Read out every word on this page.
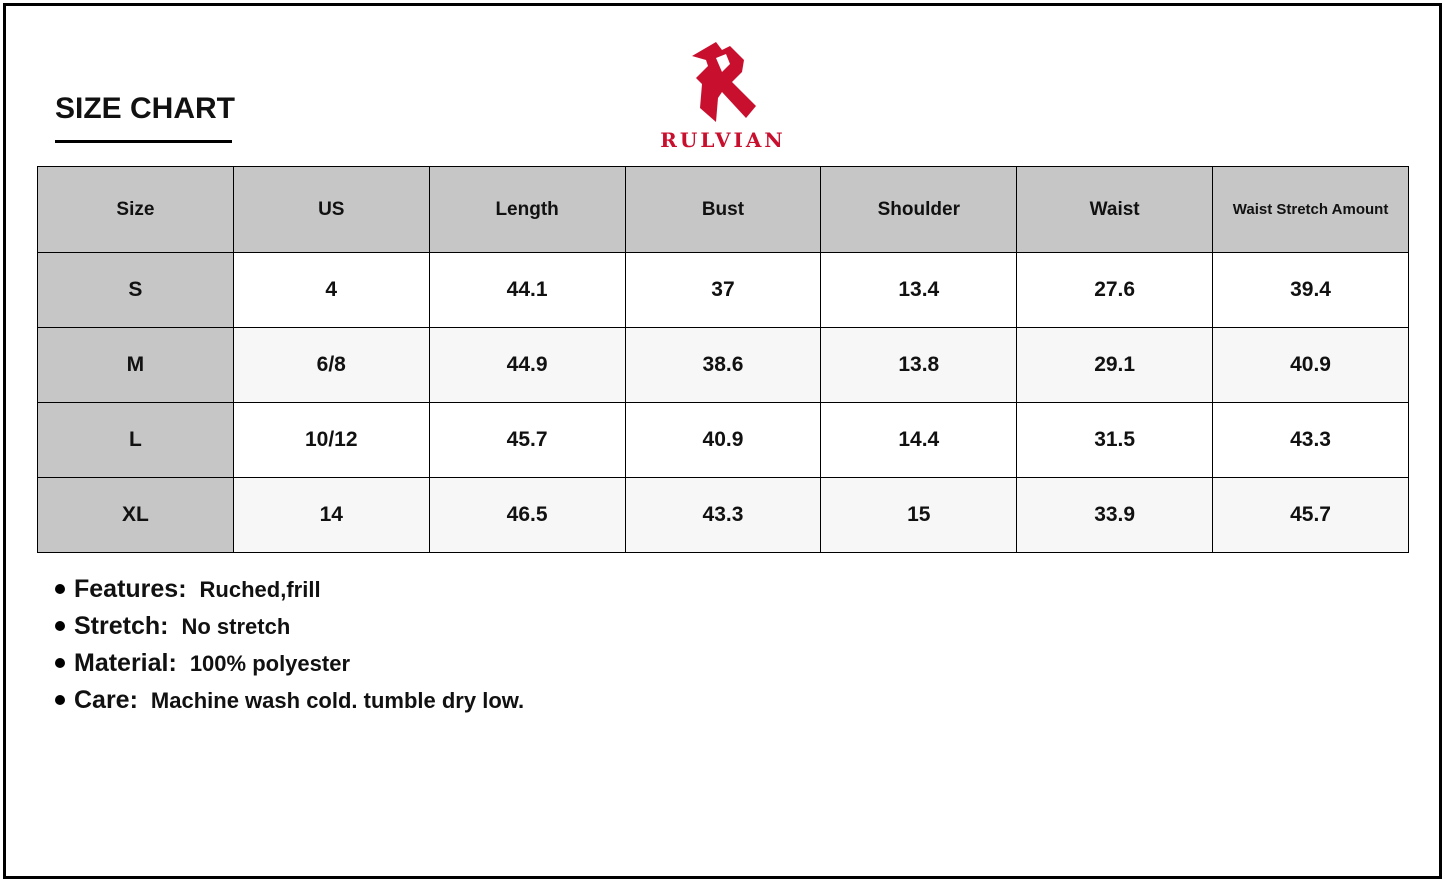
SIZE CHART
RULVIAN
Size	US	Length	Bust	Shoulder	Waist	Waist Stretch Amount
S	4	44.1	37	13.4	27.6	39.4
M	6/8	44.9	38.6	13.8	29.1	40.9
L	10/12	45.7	40.9	14.4	31.5	43.3
XL	14	46.5	43.3	15	33.9	45.7
Features: Ruched,frill
Stretch: No stretch
Material: 100% polyester
Care: Machine wash cold. tumble dry low.
